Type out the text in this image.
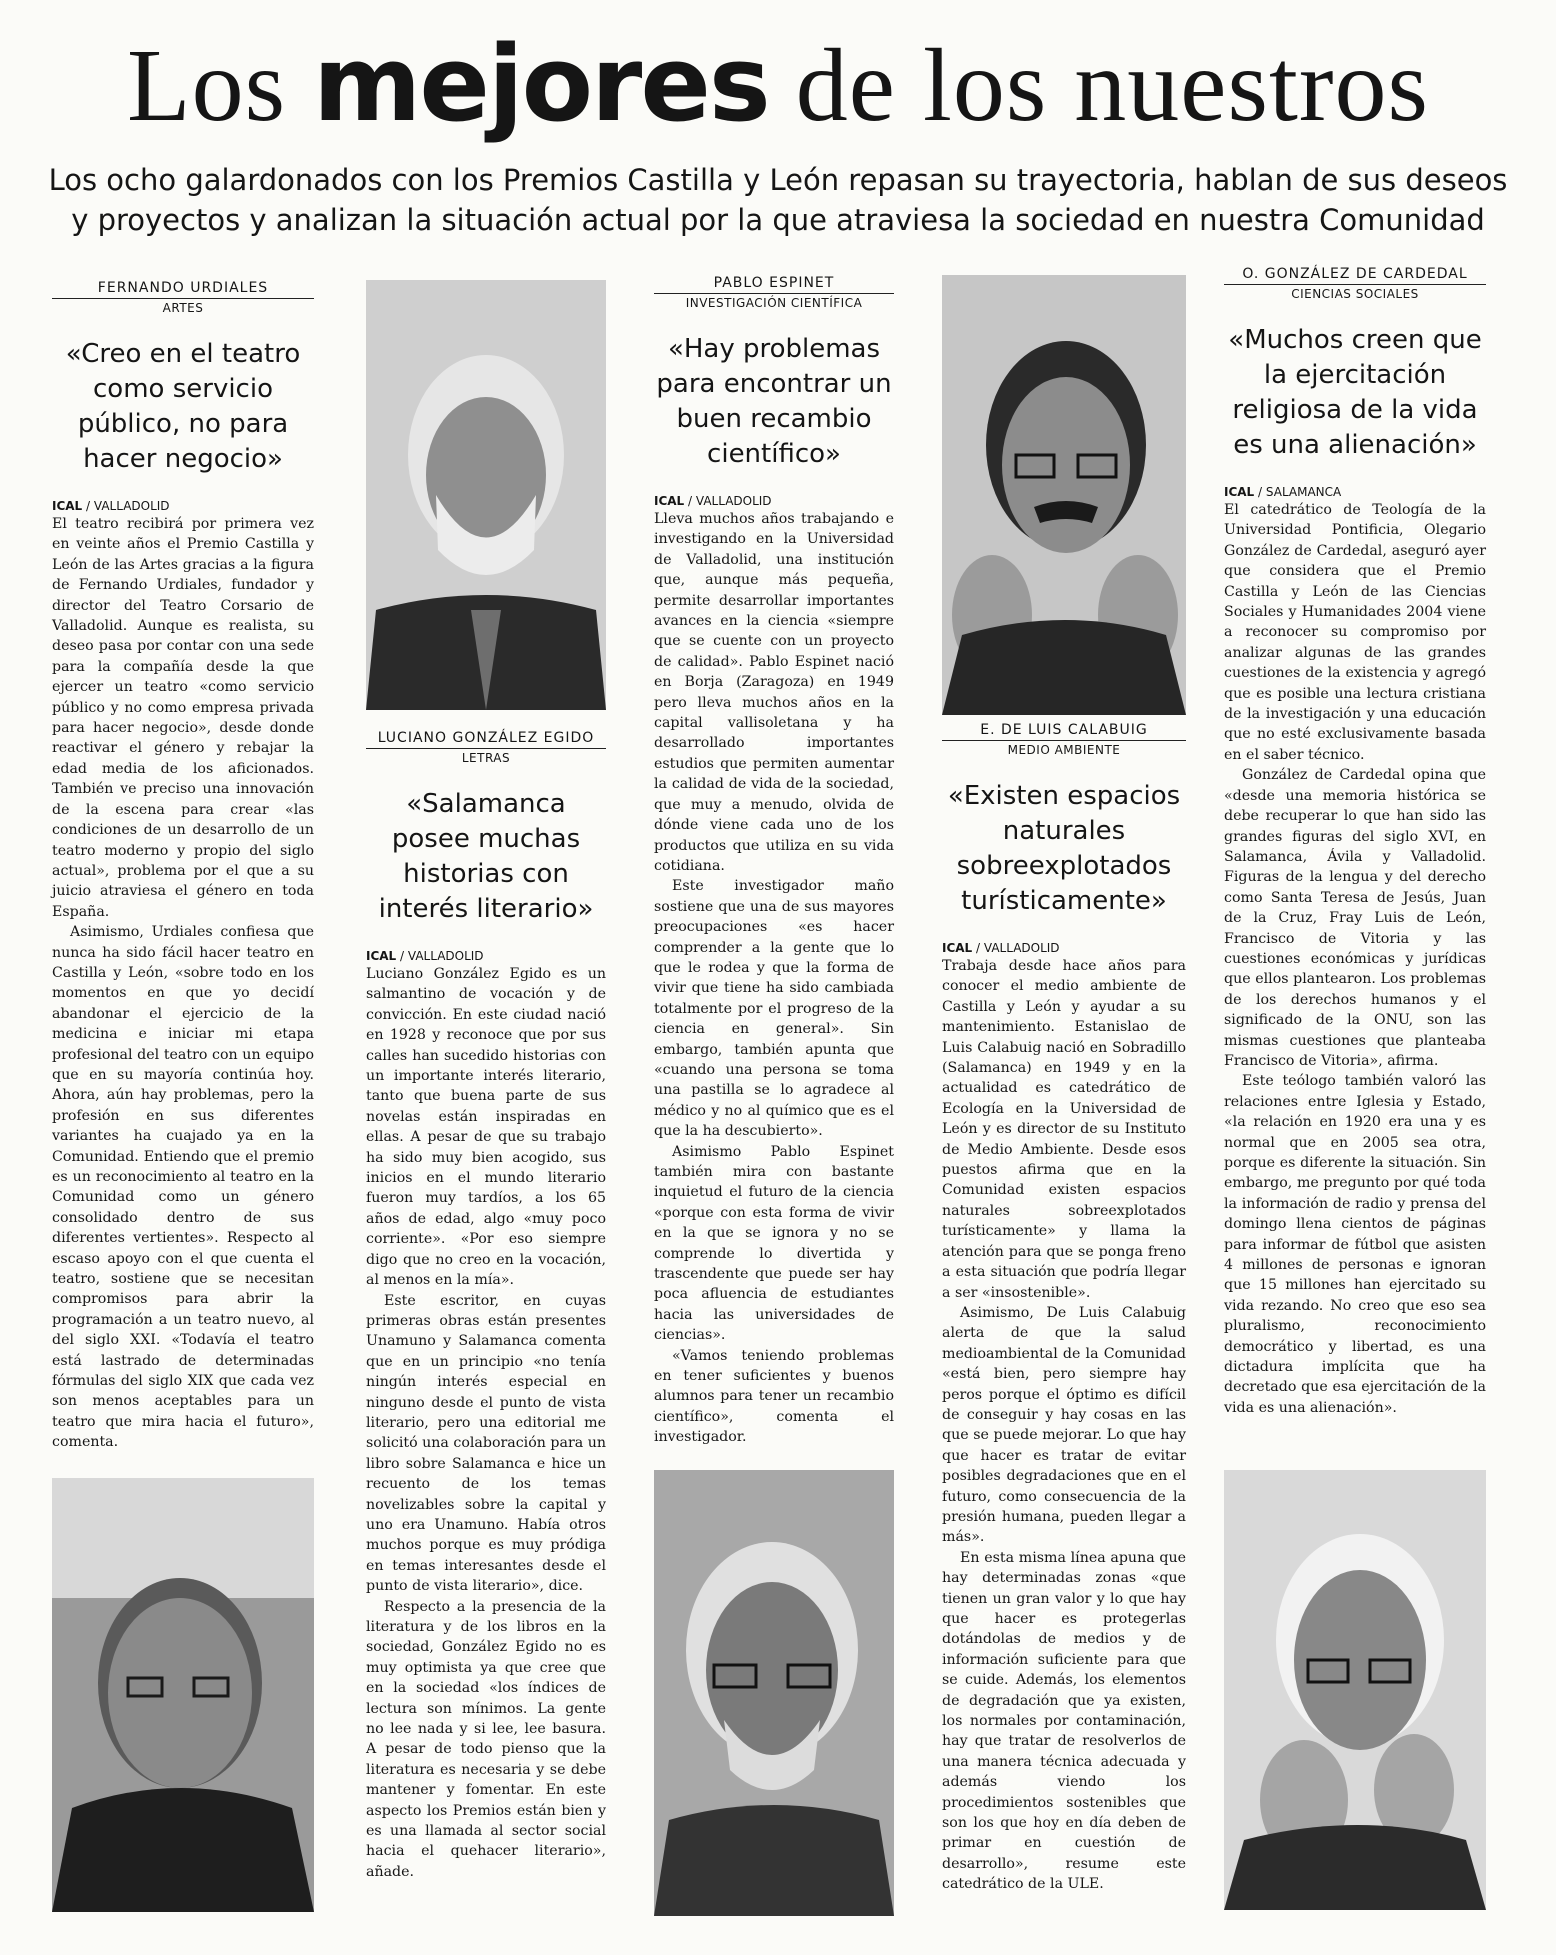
Los mejores de los nuestros

Los ocho galardonados con los Premios Castilla y León repasan su trayectoria, hablan de sus deseos y proyectos y analizan la situación actual por la que atraviesa la sociedad en nuestra Comunidad

FERNANDO URDIALES

ARTES

«Creo en el teatro como servicio público, no para hacer negocio»

ICAL / VALLADOLID

El teatro recibirá por primera vez en veinte años el Premio Castilla y León de las Artes gracias a la figura de Fernando Urdiales, fundador y director del Teatro Corsario de Valladolid. Aunque es realista, su deseo pasa por contar con una sede para la compañía desde la que ejercer un teatro «como servicio público y no como empresa privada para hacer negocio», desde donde reactivar el género y rebajar la edad media de los aficionados. También ve preciso una innovación de la escena para crear «las condiciones de un desarrollo de un teatro moderno y propio del siglo actual», problema por el que a su juicio atraviesa el género en toda España.

Asimismo, Urdiales confiesa que nunca ha sido fácil hacer teatro en Castilla y León, «sobre todo en los momentos en que yo decidí abandonar el ejercicio de la medicina e iniciar mi etapa profesional del teatro con un equipo que en su mayoría continúa hoy. Ahora, aún hay problemas, pero la profesión en sus diferentes variantes ha cuajado ya en la Comunidad. Entiendo que el premio es un reconocimiento al teatro en la Comunidad como un género consolidado dentro de sus diferentes vertientes». Respecto al escaso apoyo con el que cuenta el teatro, sostiene que se necesitan compromisos para abrir la programación a un teatro nuevo, al del siglo XXI. «Todavía el teatro está lastrado de determinadas fórmulas del siglo XIX que cada vez son menos aceptables para un teatro que mira hacia el futuro», comenta.

LUCIANO GONZÁLEZ EGIDO

LETRAS

«Salamanca posee muchas historias con interés literario»

ICAL / VALLADOLID

Luciano González Egido es un salmantino de vocación y de convicción. En este ciudad nació en 1928 y reconoce que por sus calles han sucedido historias con un importante interés literario, tanto que buena parte de sus novelas están inspiradas en ellas. A pesar de que su trabajo ha sido muy bien acogido, sus inicios en el mundo literario fueron muy tardíos, a los 65 años de edad, algo «muy poco corriente». «Por eso siempre digo que no creo en la vocación, al menos en la mía».

Este escritor, en cuyas primeras obras están presentes Unamuno y Salamanca comenta que en un principio «no tenía ningún interés especial en ninguno desde el punto de vista literario, pero una editorial me solicitó una colaboración para un libro sobre Salamanca e hice un recuento de los temas novelizables sobre la capital y uno era Unamuno. Había otros muchos porque es muy pródiga en temas interesantes desde el punto de vista literario», dice.

Respecto a la presencia de la literatura y de los libros en la sociedad, González Egido no es muy optimista ya que cree que en la sociedad «los índices de lectura son mínimos. La gente no lee nada y si lee, lee basura. A pesar de todo pienso que la literatura es necesaria y se debe mantener y fomentar. En este aspecto los Premios están bien y es una llamada al sector social hacia el quehacer literario», añade.

PABLO ESPINET

INVESTIGACIÓN CIENTÍFICA

«Hay problemas para encontrar un buen recambio científico»

ICAL / VALLADOLID

Lleva muchos años trabajando e investigando en la Universidad de Valladolid, una institución que, aunque más pequeña, permite desarrollar importantes avances en la ciencia «siempre que se cuente con un proyecto de calidad». Pablo Espinet nació en Borja (Zaragoza) en 1949 pero lleva muchos años en la capital vallisoletana y ha desarrollado importantes estudios que permiten aumentar la calidad de vida de la sociedad, que muy a menudo, olvida de dónde viene cada uno de los productos que utiliza en su vida cotidiana.

Este investigador maño sostiene que una de sus mayores preocupaciones «es hacer comprender a la gente que lo que le rodea y que la forma de vivir que tiene ha sido cambiada totalmente por el progreso de la ciencia en general». Sin embargo, también apunta que «cuando una persona se toma una pastilla se lo agradece al médico y no al químico que es el que la ha descubierto».

Asimismo Pablo Espinet también mira con bastante inquietud el futuro de la ciencia «porque con esta forma de vivir en la que se ignora y no se comprende lo divertida y trascendente que puede ser hay poca afluencia de estudiantes hacia las universidades de ciencias».

«Vamos teniendo problemas en tener suficientes y buenos alumnos para tener un recambio científico», comenta el investigador.

E. DE LUIS CALABUIG

MEDIO AMBIENTE

«Existen espacios naturales sobreexplotados turísticamente»

ICAL / VALLADOLID

Trabaja desde hace años para conocer el medio ambiente de Castilla y León y ayudar a su mantenimiento. Estanislao de Luis Calabuig nació en Sobradillo (Salamanca) en 1949 y en la actualidad es catedrático de Ecología en la Universidad de León y es director de su Instituto de Medio Ambiente. Desde esos puestos afirma que en la Comunidad existen espacios naturales sobreexplotados turísticamente» y llama la atención para que se ponga freno a esta situación que podría llegar a ser «insostenible».

Asimismo, De Luis Calabuig alerta de que la salud medioambiental de la Comunidad «está bien, pero siempre hay peros porque el óptimo es difícil de conseguir y hay cosas en las que se puede mejorar. Lo que hay que hacer es tratar de evitar posibles degradaciones que en el futuro, como consecuencia de la presión humana, pueden llegar a más».

En esta misma línea apuna que hay determinadas zonas «que tienen un gran valor y lo que hay que hacer es protegerlas dotándolas de medios y de información suficiente para que se cuide. Además, los elementos de degradación que ya existen, los normales por contaminación, hay que tratar de resolverlos de una manera técnica adecuada y además viendo los procedimientos sostenibles que son los que hoy en día deben de primar en cuestión de desarrollo», resume este catedrático de la ULE.

O. GONZÁLEZ DE CARDEDAL

CIENCIAS SOCIALES

«Muchos creen que la ejercitación religiosa de la vida es una alienación»

ICAL / SALAMANCA

El catedrático de Teología de la Universidad Pontificia, Olegario González de Cardedal, aseguró ayer que considera que el Premio Castilla y León de las Ciencias Sociales y Humanidades 2004 viene a reconocer su compromiso por analizar algunas de las grandes cuestiones de la existencia y agregó que es posible una lectura cristiana de la investigación y una educación que no esté exclusivamente basada en el saber técnico.

González de Cardedal opina que «desde una memoria histórica se debe recuperar lo que han sido las grandes figuras del siglo XVI, en Salamanca, Ávila y Valladolid. Figuras de la lengua y del derecho como Santa Teresa de Jesús, Juan de la Cruz, Fray Luis de León, Francisco de Vitoria y las cuestiones económicas y jurídicas que ellos plantearon. Los problemas de los derechos humanos y el significado de la ONU, son las mismas cuestiones que planteaba Francisco de Vitoria», afirma.

Este teólogo también valoró las relaciones entre Iglesia y Estado, «la relación en 1920 era una y es normal que en 2005 sea otra, porque es diferente la situación. Sin embargo, me pregunto por qué toda la información de radio y prensa del domingo llena cientos de páginas para informar de fútbol que asisten 4 millones de personas e ignoran que 15 millones han ejercitado su vida rezando. No creo que eso sea pluralismo, reconocimiento democrático y libertad, es una dictadura implícita que ha decretado que esa ejercitación de la vida es una alienación».
